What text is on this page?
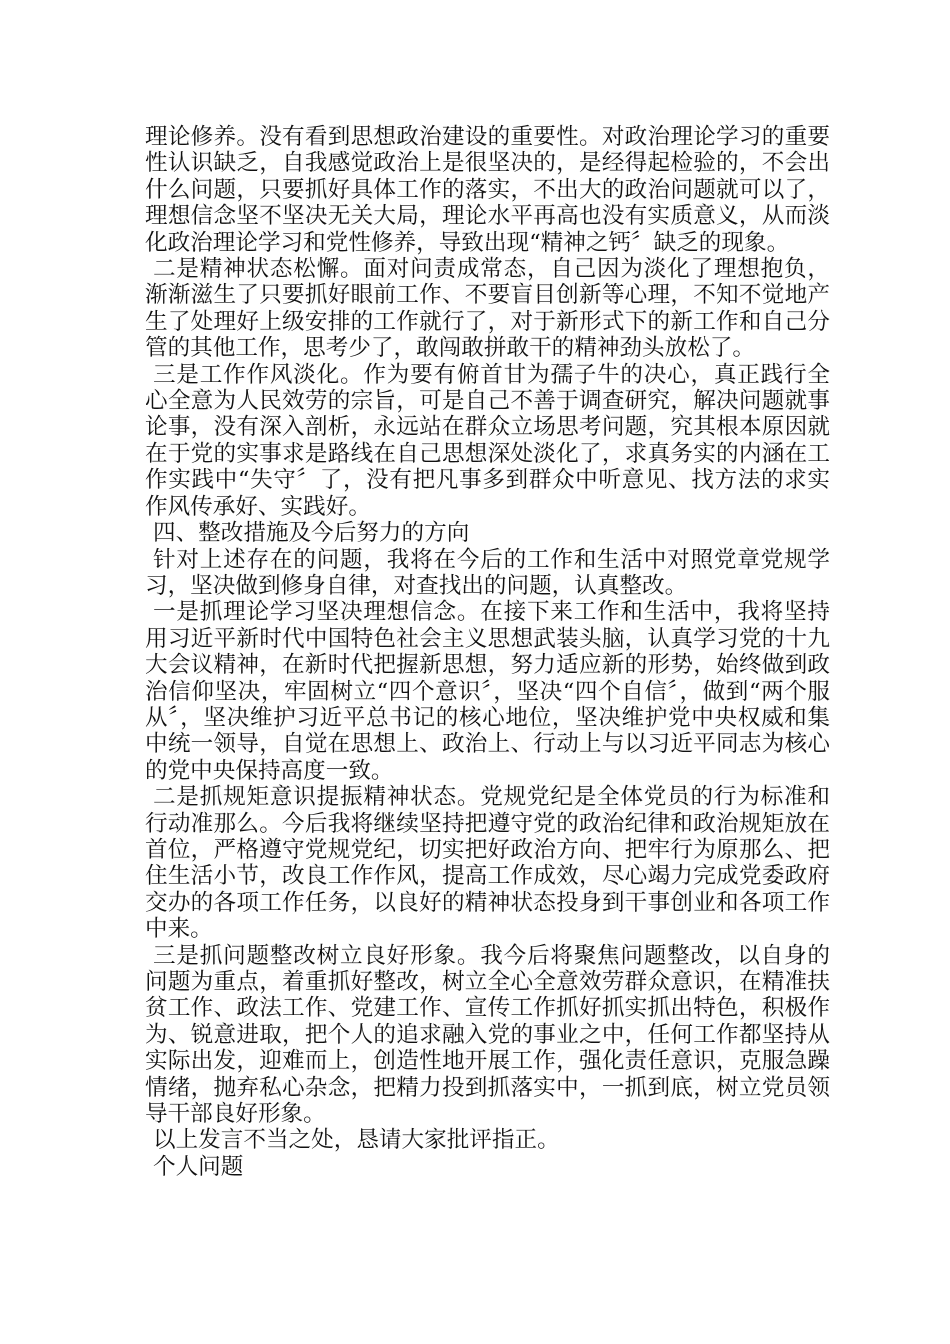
理论修养。没有看到思想政治建设的重要性。对政治理论学习的重要性认识缺乏，自我感觉政治上是很坚决的，是经得起检验的，不会出什么问题，只要抓好具体工作的落实，不出大的政治问题就可以了，理想信念坚不坚决无关大局，理论水平再高也没有实质意义，从而淡化政治理论学习和党性修养，导致出现“精神之钙〞缺乏的现象。

二是精神状态松懈。面对问责成常态，自己因为淡化了理想抱负，渐渐滋生了只要抓好眼前工作、不要盲目创新等心理，不知不觉地产生了处理好上级安排的工作就行了，对于新形式下的新工作和自己分管的其他工作，思考少了，敢闯敢拼敢干的精神劲头放松了。

三是工作作风淡化。作为要有俯首甘为孺子牛的决心，真正践行全心全意为人民效劳的宗旨，可是自己不善于调查研究，解决问题就事论事，没有深入剖析，永远站在群众立场思考问题，究其根本原因就在于党的实事求是路线在自己思想深处淡化了，求真务实的内涵在工作实践中“失守〞了，没有把凡事多到群众中听意见、找方法的求实作风传承好、实践好。

四、整改措施及今后努力的方向

针对上述存在的问题，我将在今后的工作和生活中对照党章党规学习，坚决做到修身自律，对查找出的问题，认真整改。

一是抓理论学习坚决理想信念。在接下来工作和生活中，我将坚持用习近平新时代中国特色社会主义思想武装头脑，认真学习党的十九大会议精神，在新时代把握新思想，努力适应新的形势，始终做到政治信仰坚决，牢固树立“四个意识〞，坚决“四个自信〞，做到“两个服从〞，坚决维护习近平总书记的核心地位，坚决维护党中央权威和集中统一领导，自觉在思想上、政治上、行动上与以习近平同志为核心的党中央保持高度一致。

二是抓规矩意识提振精神状态。党规党纪是全体党员的行为标准和行动准那么。今后我将继续坚持把遵守党的政治纪律和政治规矩放在首位，严格遵守党规党纪，切实把好政治方向、把牢行为原那么、把住生活小节，改良工作作风，提高工作成效，尽心竭力完成党委政府交办的各项工作任务，以良好的精神状态投身到干事创业和各项工作中来。

三是抓问题整改树立良好形象。我今后将聚焦问题整改，以自身的问题为重点，着重抓好整改，树立全心全意效劳群众意识，在精准扶贫工作、政法工作、党建工作、宣传工作抓好抓实抓出特色，积极作为、锐意进取，把个人的追求融入党的事业之中，任何工作都坚持从实际出发，迎难而上，创造性地开展工作，强化责任意识，克服急躁情绪，抛弃私心杂念，把精力投到抓落实中，一抓到底，树立党员领导干部良好形象。

以上发言不当之处，恳请大家批评指正。

个人问题
